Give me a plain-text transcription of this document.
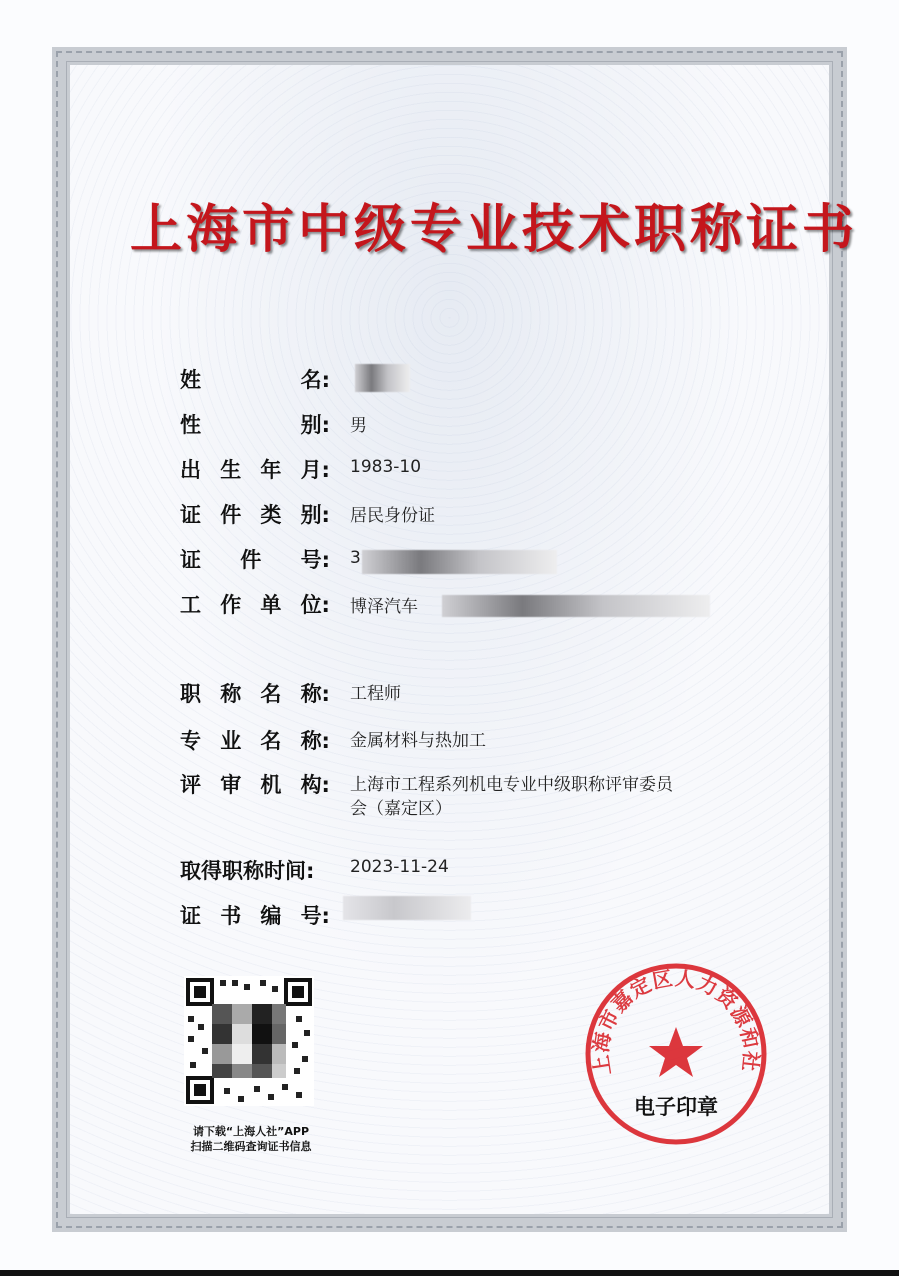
上海市中级专业技术职称证书
姓	名:
性	别: 男
出 生 年 月: 1983-10
证 件 类 别: 居民身份证
证 件 号: 3
工 作 单 位: 博泽汽车
职 称 名 称: 工程师
专 业 名 称: 金属材料与热加工
评 审 机 构: 上海市工程系列机电专业中级职称评审委员
会（嘉定区）
取得职称时间: 2023-11-24
证 书 编 号:
请下载“上海人社”APP
扫描二维码查询证书信息
上海市嘉定区人力资源和社
电子印章
